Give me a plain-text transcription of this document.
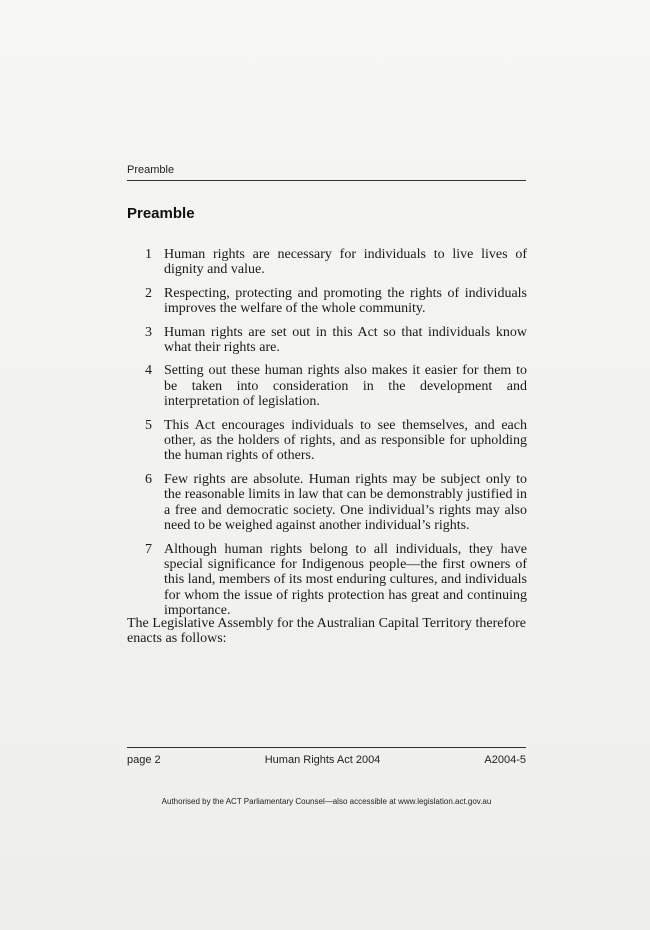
Preamble
Preamble
1 Human rights are necessary for individuals to live lives of dignity and value.

2 Respecting, protecting and promoting the rights of individuals improves the welfare of the whole community.

3 Human rights are set out in this Act so that individuals know what their rights are.

4 Setting out these human rights also makes it easier for them to be taken into consideration in the development and interpretation of legislation.

5 This Act encourages individuals to see themselves, and each other, as the holders of rights, and as responsible for upholding the human rights of others.

6 Few rights are absolute. Human rights may be subject only to the reasonable limits in law that can be demonstrably justified in a free and democratic society. One individual’s rights may also need to be weighed against another individual’s rights.

7 Although human rights belong to all individuals, they have special significance for Indigenous people—the first owners of this land, members of its most enduring cultures, and individuals for whom the issue of rights protection has great and continuing importance.

The Legislative Assembly for the Australian Capital Territory therefore enacts as follows:

page 2	Human Rights Act 2004	A2004-5
Authorised by the ACT Parliamentary Counsel—also accessible at www.legislation.act.gov.au
